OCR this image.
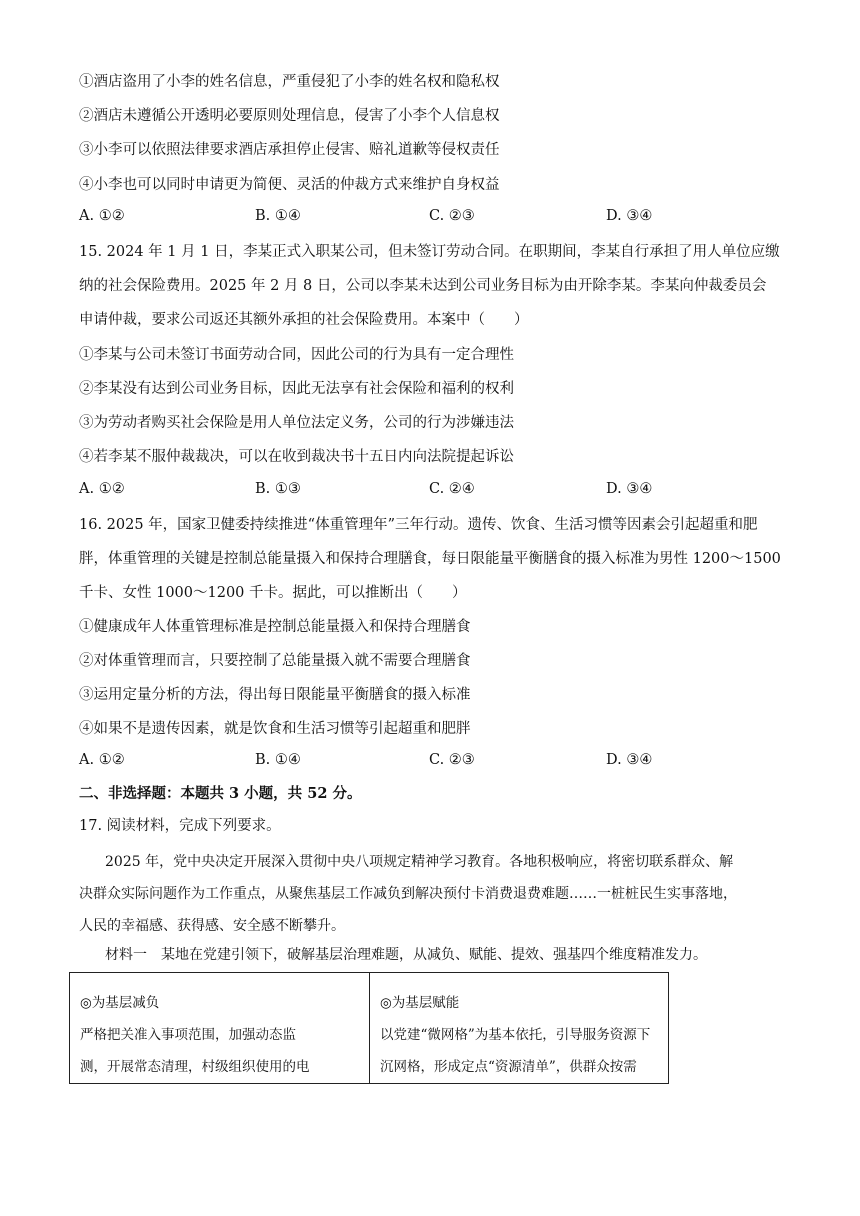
①酒店盗用了小李的姓名信息，严重侵犯了小李的姓名权和隐私权
②酒店未遵循公开透明必要原则处理信息，侵害了小李个人信息权
③小李可以依照法律要求酒店承担停止侵害、赔礼道歉等侵权责任
④小李也可以同时申请更为简便、灵活的仲裁方式来维护自身权益
A. ①②	B. ①④	C. ②③	D. ③④
15. 2024 年 1 月 1 日，李某正式入职某公司，但未签订劳动合同。在职期间，李某自行承担了用人单位应缴
纳的社会保险费用。2025 年 2 月 8 日，公司以李某未达到公司业务目标为由开除李某。李某向仲裁委员会
申请仲裁，要求公司返还其额外承担的社会保险费用。本案中（　　）
①李某与公司未签订书面劳动合同，因此公司的行为具有一定合理性
②李某没有达到公司业务目标，因此无法享有社会保险和福利的权利
③为劳动者购买社会保险是用人单位法定义务，公司的行为涉嫌违法
④若李某不服仲裁裁决，可以在收到裁决书十五日内向法院提起诉讼
A. ①②	B. ①③	C. ②④	D. ③④
16. 2025 年，国家卫健委持续推进“体重管理年”三年行动。遗传、饮食、生活习惯等因素会引起超重和肥
胖，体重管理的关键是控制总能量摄入和保持合理膳食，每日限能量平衡膳食的摄入标准为男性 1200～1500
千卡、女性 1000～1200 千卡。据此，可以推断出（　　）
①健康成年人体重管理标准是控制总能量摄入和保持合理膳食
②对体重管理而言，只要控制了总能量摄入就不需要合理膳食
③运用定量分析的方法，得出每日限能量平衡膳食的摄入标准
④如果不是遗传因素，就是饮食和生活习惯等引起超重和肥胖
A. ①②	B. ①④	C. ②③	D. ③④
二、非选择题：本题共 3 小题，共 52 分。
17. 阅读材料，完成下列要求。
2025 年，党中央决定开展深入贯彻中央八项规定精神学习教育。各地积极响应，将密切联系群众、解
决群众实际问题作为工作重点，从聚焦基层工作减负到解决预付卡消费退费难题……一桩桩民生实事落地，
人民的幸福感、获得感、安全感不断攀升。
材料一　某地在党建引领下，破解基层治理难题，从减负、赋能、提效、强基四个维度精准发力。
◎为基层减负
严格把关准入事项范围，加强动态监
测，开展常态清理，村级组织使用的电
◎为基层赋能
以党建“微网格”为基本依托，引导服务资源下
沉网格，形成定点“资源清单”，供群众按需
